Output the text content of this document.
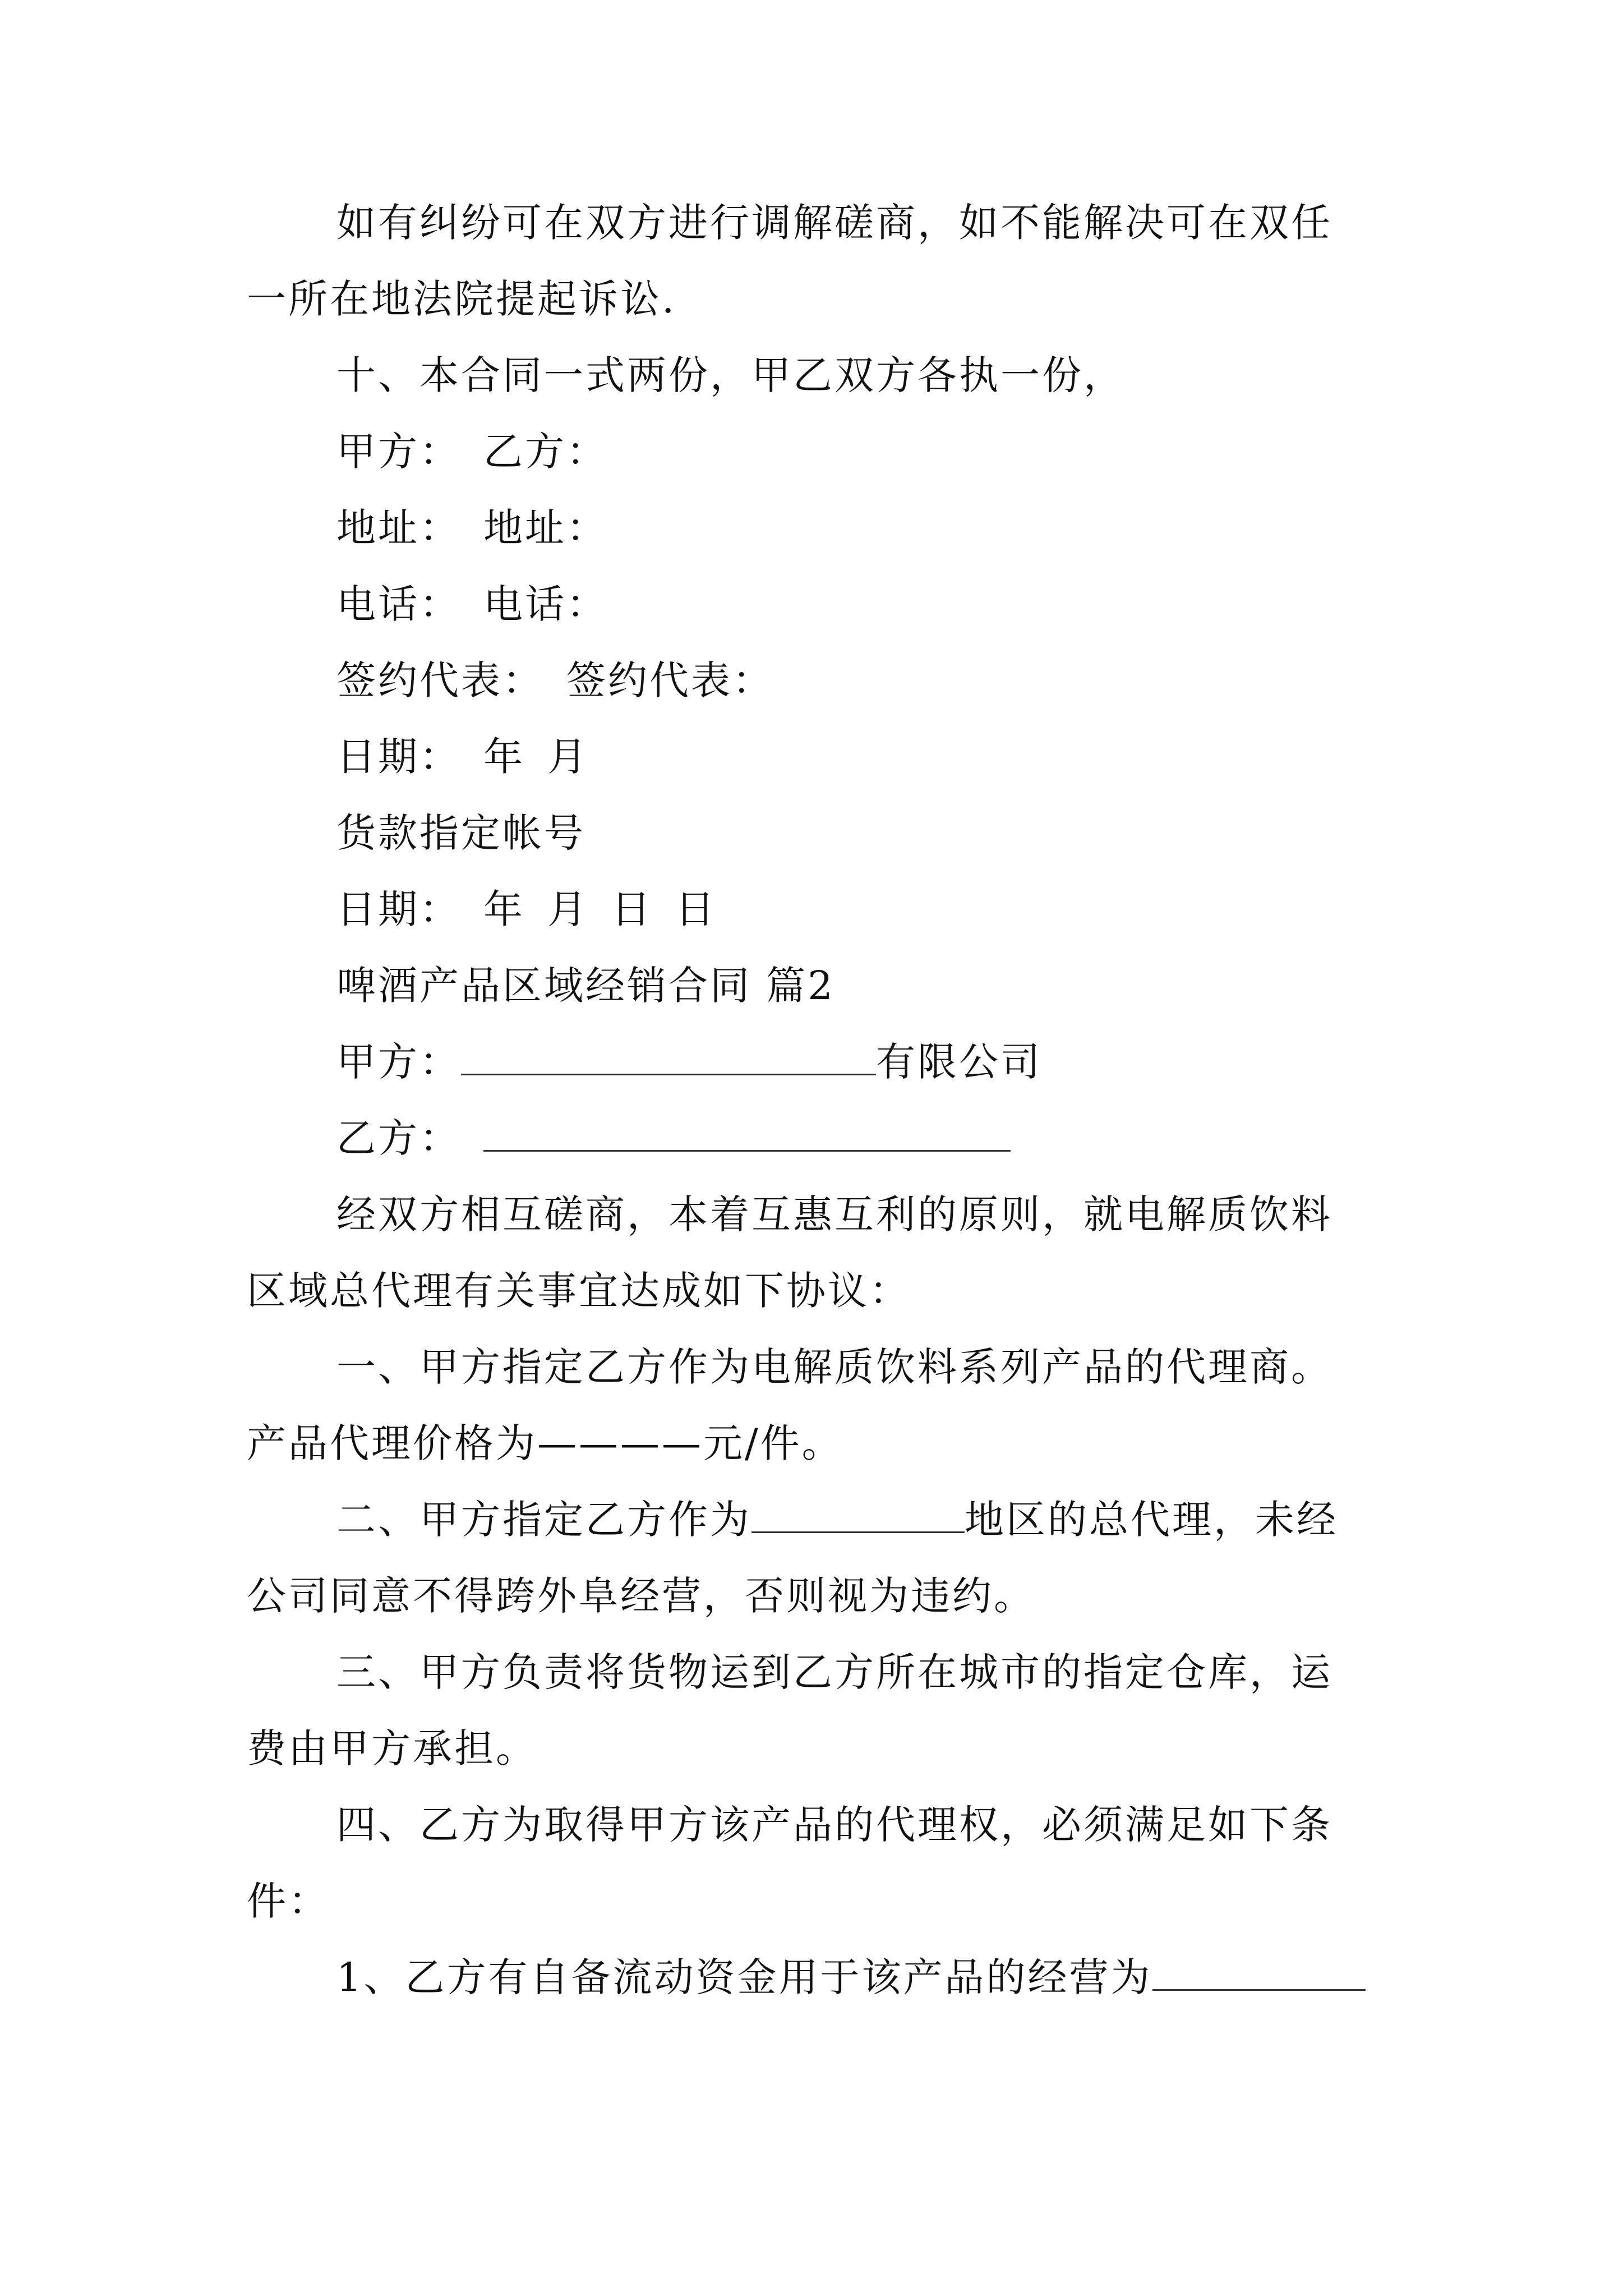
如有纠纷可在双方进行调解磋商，如不能解决可在双任
一所在地法院提起诉讼.
十、本合同一式两份，甲乙双方各执一份，
甲方： 乙方：
地址： 地址：
电话： 电话：
签约代表： 签约代表：
日期： 年 月
货款指定帐号
日期： 年 月 日 日
啤酒产品区域经销合同 篇2
甲方：	有限公司
乙方：
经双方相互磋商，本着互惠互利的原则，就电解质饮料
区域总代理有关事宜达成如下协议：
一、甲方指定乙方作为电解质饮料系列产品的代理商。
产品代理价格为————元/件。
二、甲方指定乙方作为	地区的总代理，未经
公司同意不得跨外阜经营，否则视为违约。
三、甲方负责将货物运到乙方所在城市的指定仓库，运
费由甲方承担。
四、乙方为取得甲方该产品的代理权，必须满足如下条
件：
1、乙方有自备流动资金用于该产品的经营为
